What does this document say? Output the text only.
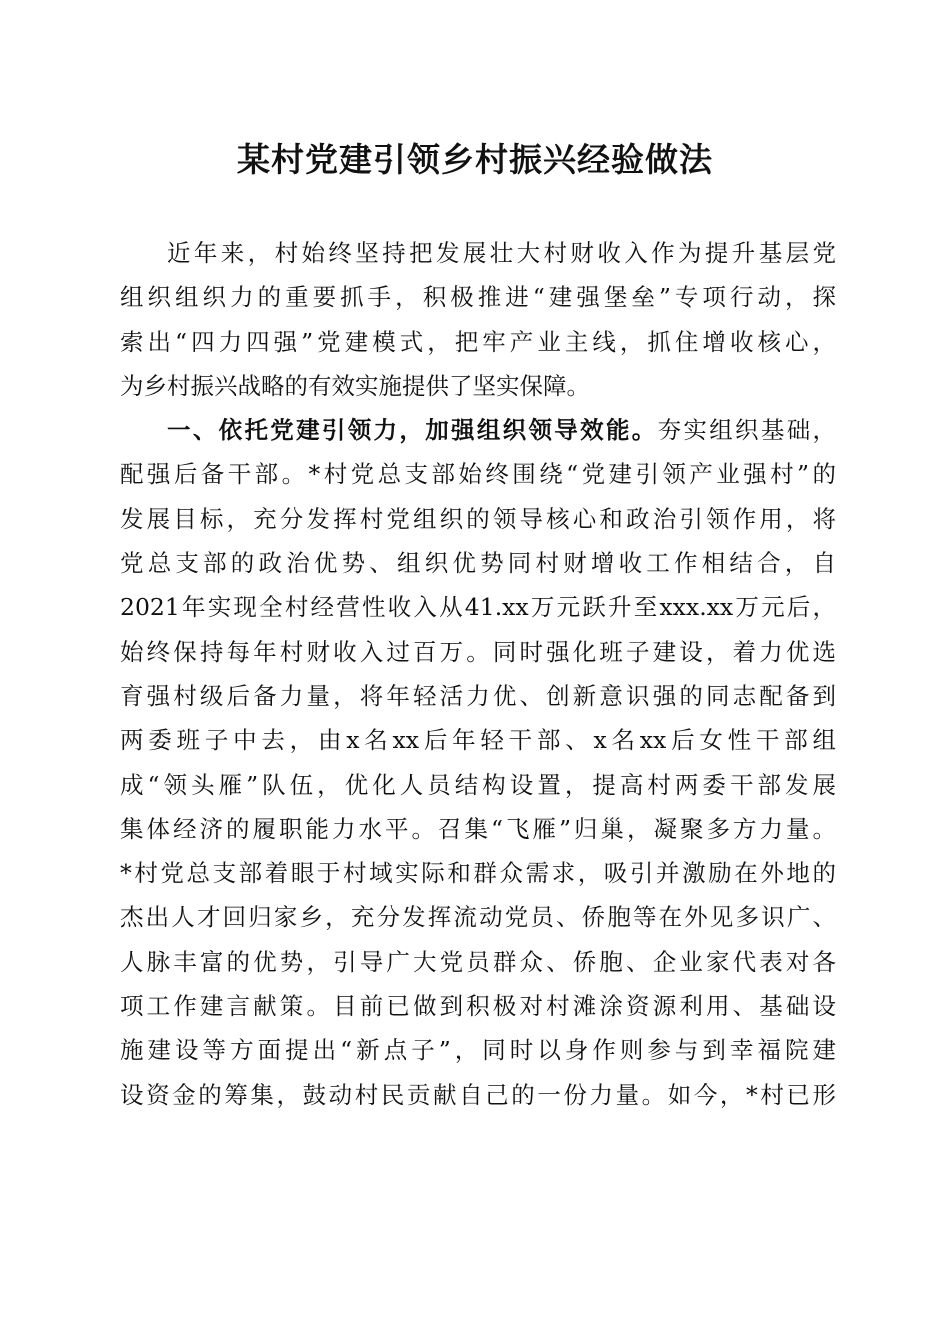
某村党建引领乡村振兴经验做法
近年来，村始终坚持把发展壮大村财收入作为提升基层党
组织组织力的重要抓手，积极推进“建强堡垒”专项行动，探
索出“四力四强”党建模式，把牢产业主线，抓住增收核心，
为乡村振兴战略的有效实施提供了坚实保障。
一、依托党建引领力，加强组织领导效能。夯实组织基础，
配强后备干部。*村党总支部始终围绕“党建引领产业强村”的
发展目标，充分发挥村党组织的领导核心和政治引领作用，将
党总支部的政治优势、组织优势同村财增收工作相结合，自
2021年实现全村经营性收入从41.xx万元跃升至xxx.xx万元后，
始终保持每年村财收入过百万。同时强化班子建设，着力优选
育强村级后备力量，将年轻活力优、创新意识强的同志配备到
两委班子中去，由x名xx后年轻干部、x名xx后女性干部组
成“领头雁”队伍，优化人员结构设置，提高村两委干部发展
集体经济的履职能力水平。召集“飞雁”归巢，凝聚多方力量。
*村党总支部着眼于村域实际和群众需求，吸引并激励在外地的
杰出人才回归家乡，充分发挥流动党员、侨胞等在外见多识广、
人脉丰富的优势，引导广大党员群众、侨胞、企业家代表对各
项工作建言献策。目前已做到积极对村滩涂资源利用、基础设
施建设等方面提出“新点子”，同时以身作则参与到幸福院建
设资金的筹集，鼓动村民贡献自己的一份力量。如今，*村已形
